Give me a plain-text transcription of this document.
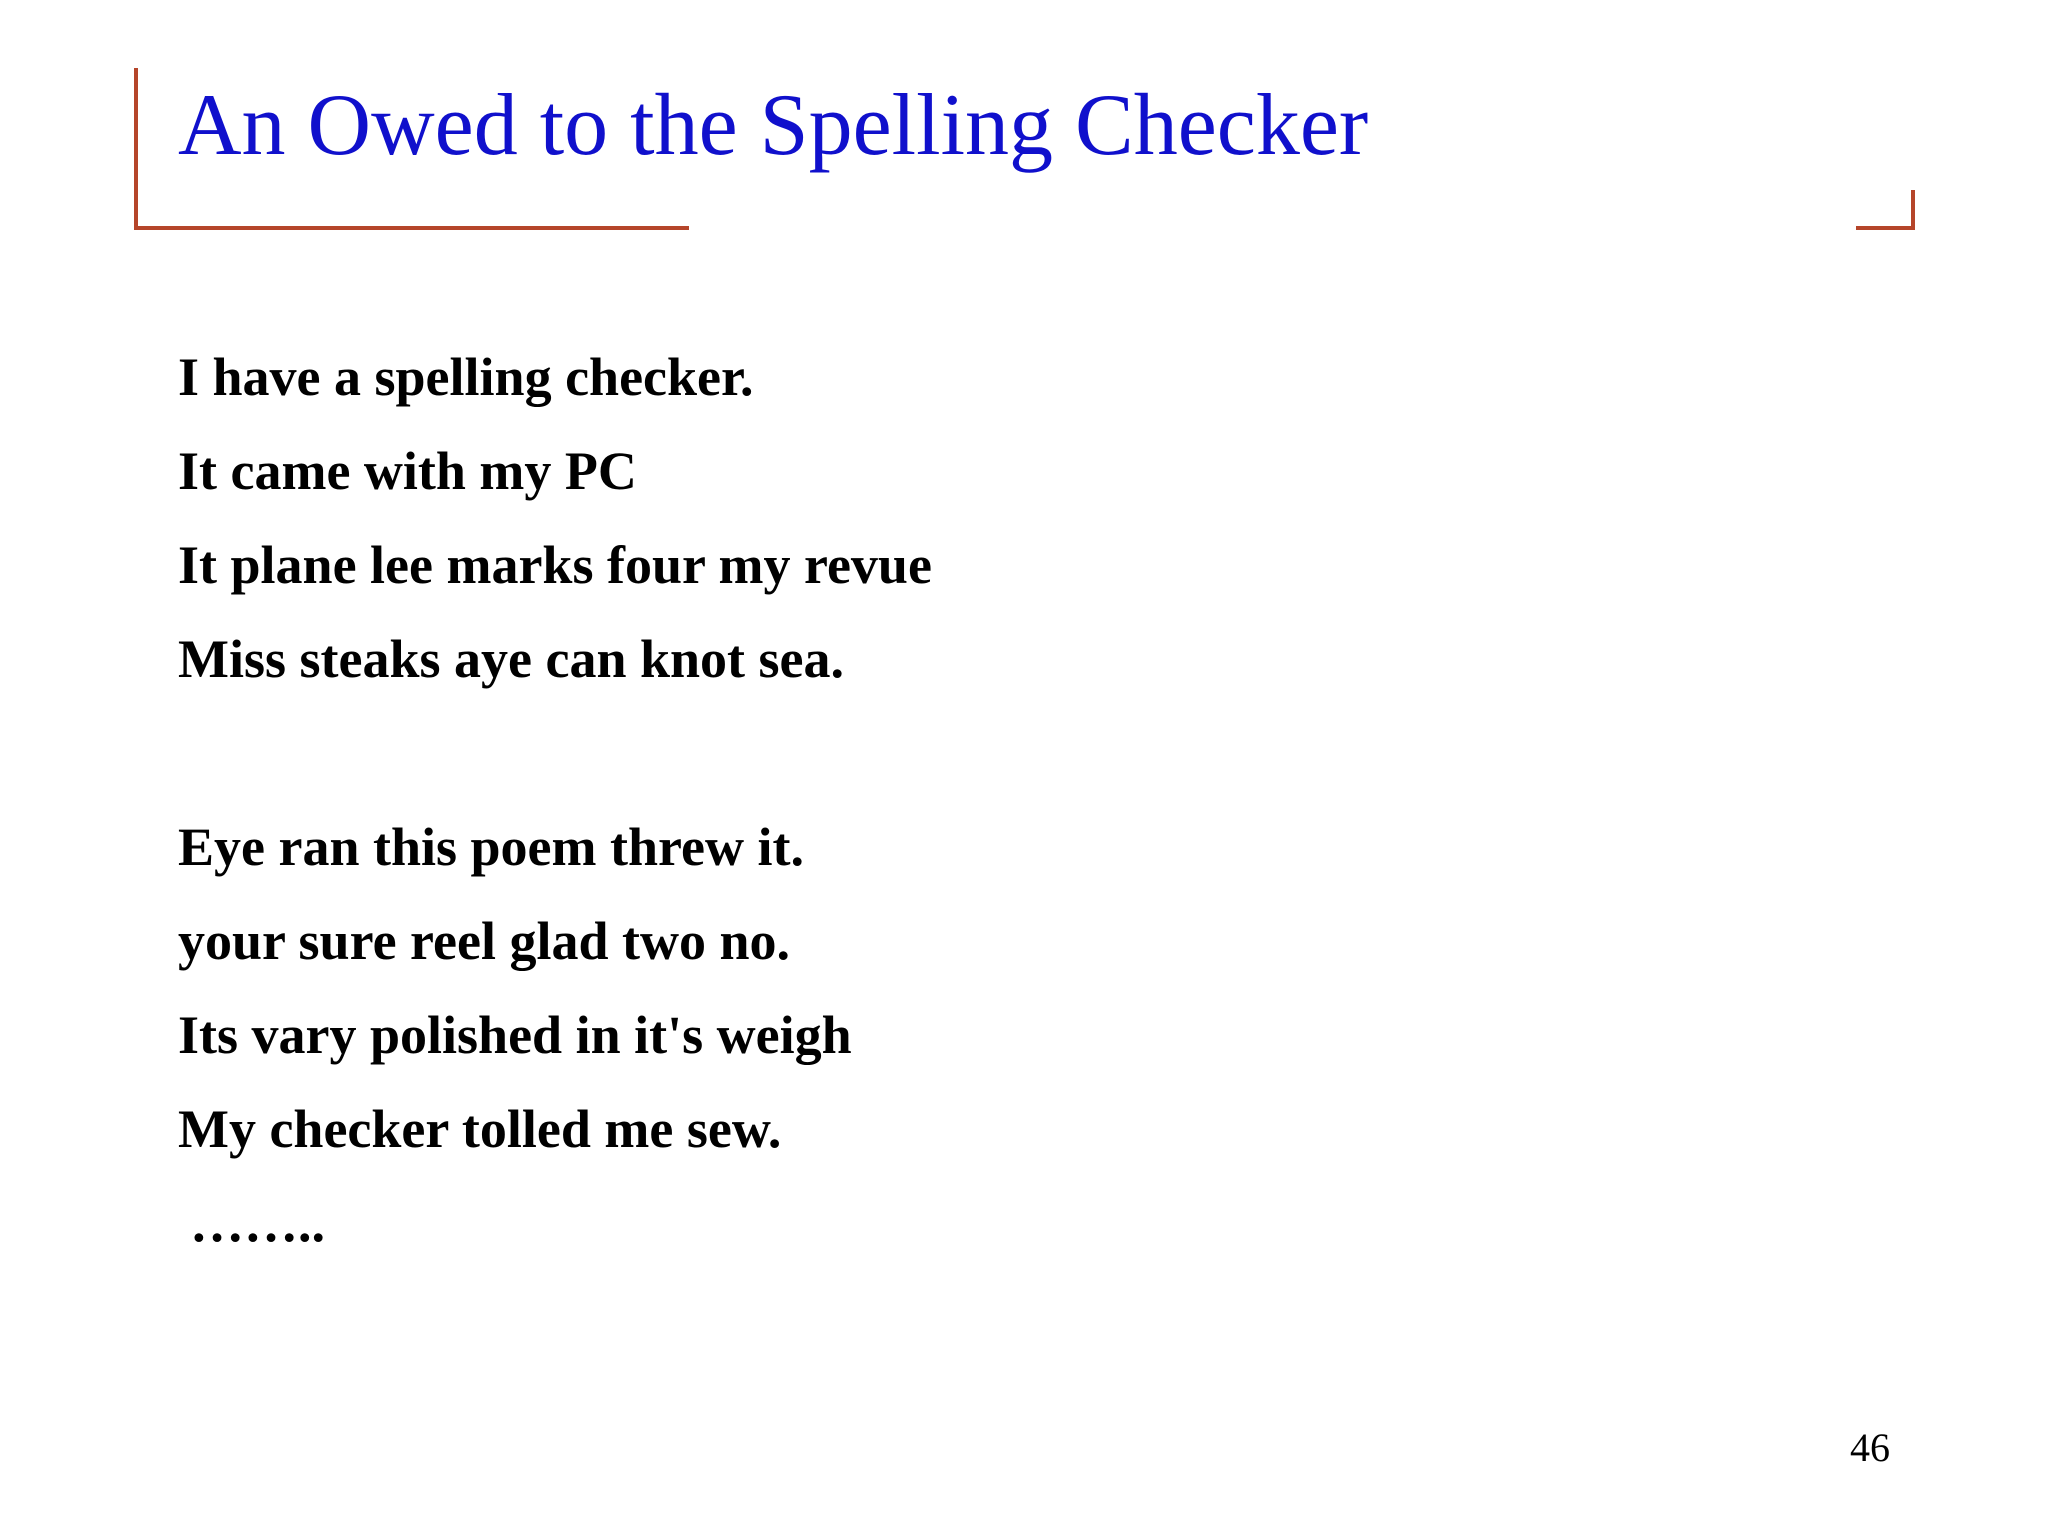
An Owed to the Spelling Checker
I have a spelling checker.
It came with my PC
It plane lee marks four my revue
Miss steaks aye can knot sea.
Eye ran this poem threw it.
your sure reel glad two no.
Its vary polished in it's weigh
My checker tolled me sew.
……..
46
